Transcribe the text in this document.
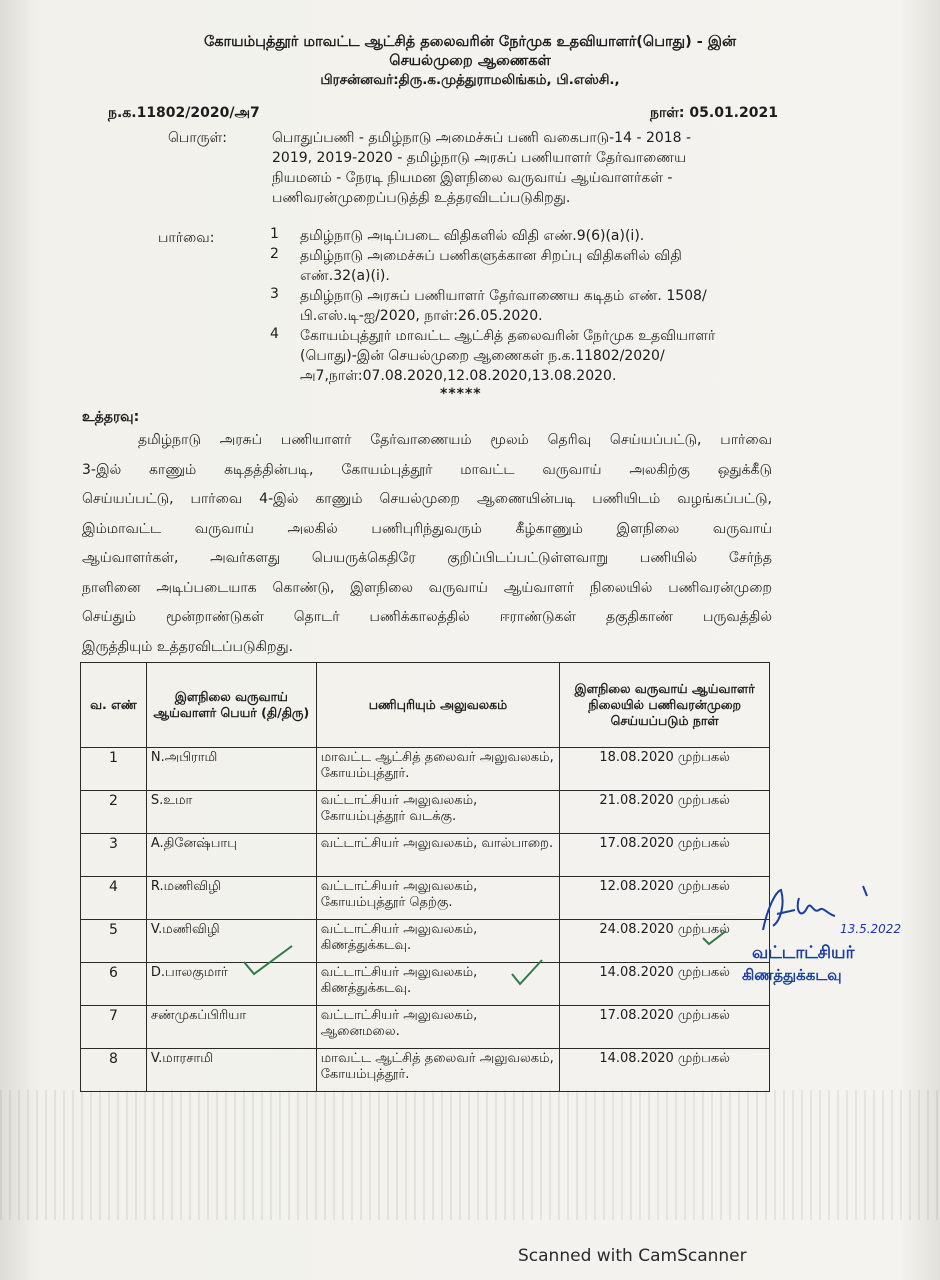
கோயம்புத்தூர் மாவட்ட ஆட்சித் தலைவரின் நேர்முக உதவியாளர்(பொது) - இன்
செயல்முறை ஆணைகள்
பிரசன்னவர்:திரு.க.முத்துராமலிங்கம், பி.எஸ்சி.,
ந.க.11802/2020/அ7	நாள்: 05.01.2021
பொருள்:	பொதுப்பணி - தமிழ்நாடு அமைச்சுப் பணி வகைபாடு-14 - 2018 -
2019, 2019-2020 - தமிழ்நாடு அரசுப் பணியாளர் தேர்வாணைய
நியமனம் - நேரடி நியமன இளநிலை வருவாய் ஆய்வாளர்கள் -
பணிவரன்முறைப்படுத்தி உத்தரவிடப்படுகிறது.
பார்வை:	1	தமிழ்நாடு அடிப்படை விதிகளில் விதி எண்.9(6)(a)(i).
2	தமிழ்நாடு அமைச்சுப் பணிகளுக்கான சிறப்பு விதிகளில் விதி எண்.32(a)(i).
3	தமிழ்நாடு அரசுப் பணியாளர் தேர்வாணைய கடிதம் எண். 1508/பி.எஸ்.டி-ஐ/2020, நாள்:26.05.2020.
4	கோயம்புத்தூர் மாவட்ட ஆட்சித் தலைவரின் நேர்முக உதவியாளர் (பொது)-இன் செயல்முறை ஆணைகள் ந.க.11802/2020/அ7,நாள்:07.08.2020,12.08.2020,13.08.2020.
*****
உத்தரவு:
தமிழ்நாடு அரசுப் பணியாளர் தேர்வாணையம் மூலம் தெரிவு செய்யப்பட்டு, பார்வை
3-இல் காணும் கடிதத்தின்படி, கோயம்புத்தூர் மாவட்ட வருவாய் அலகிற்கு ஒதுக்கீடு
செய்யப்பட்டு, பார்வை 4-இல் காணும் செயல்முறை ஆணையின்படி பணியிடம் வழங்கப்பட்டு,
இம்மாவட்ட வருவாய் அலகில் பணிபுரிந்துவரும் கீழ்காணும் இளநிலை வருவாய்
ஆய்வாளர்கள், அவர்களது பெயருக்கெதிரே குறிப்பிடப்பட்டுள்ளவாறு பணியில் சேர்ந்த
நாளினை அடிப்படையாக கொண்டு, இளநிலை வருவாய் ஆய்வாளர் நிலையில் பணிவரன்முறை
செய்தும் மூன்றாண்டுகள் தொடர் பணிக்காலத்தில் ஈராண்டுகள் தகுதிகாண் பருவத்தில்
இருத்தியும் உத்தரவிடப்படுகிறது.
வ. எண்	இளநிலை வருவாய் ஆய்வாளர் பெயர் (தி/திரு)	பணிபுரியும் அலுவலகம்	இளநிலை வருவாய் ஆய்வாளர் நிலையில் பணிவரன்முறை செய்யப்படும் நாள்
1	N.அபிராமி	மாவட்ட ஆட்சித் தலைவர் அலுவலகம், கோயம்புத்தூர்.	18.08.2020 முற்பகல்
2	S.உமா	வட்டாட்சியர் அலுவலகம், கோயம்புத்தூர் வடக்கு.	21.08.2020 முற்பகல்
3	A.தினேஷ்பாபு	வட்டாட்சியர் அலுவலகம், வால்பாறை.	17.08.2020 முற்பகல்
4	R.மணிவிழி	வட்டாட்சியர் அலுவலகம், கோயம்புத்தூர் தெற்கு.	12.08.2020 முற்பகல்
5	V.மணிவிழி	வட்டாட்சியர் அலுவலகம், கிணத்துக்கடவு.	24.08.2020 முற்பகல்
6	D.பாலகுமார்	வட்டாட்சியர் அலுவலகம், கிணத்துக்கடவு.	14.08.2020 முற்பகல்
7	சண்முகப்பிரியா	வட்டாட்சியர் அலுவலகம், ஆனைமலை.	17.08.2020 முற்பகல்
8	V.மாரசாமி	மாவட்ட ஆட்சித் தலைவர் அலுவலகம், கோயம்புத்தூர்.	14.08.2020 முற்பகல்
13.5.2022
வட்டாட்சியர்
கிணத்துக்கடவு
Scanned with CamScanner
